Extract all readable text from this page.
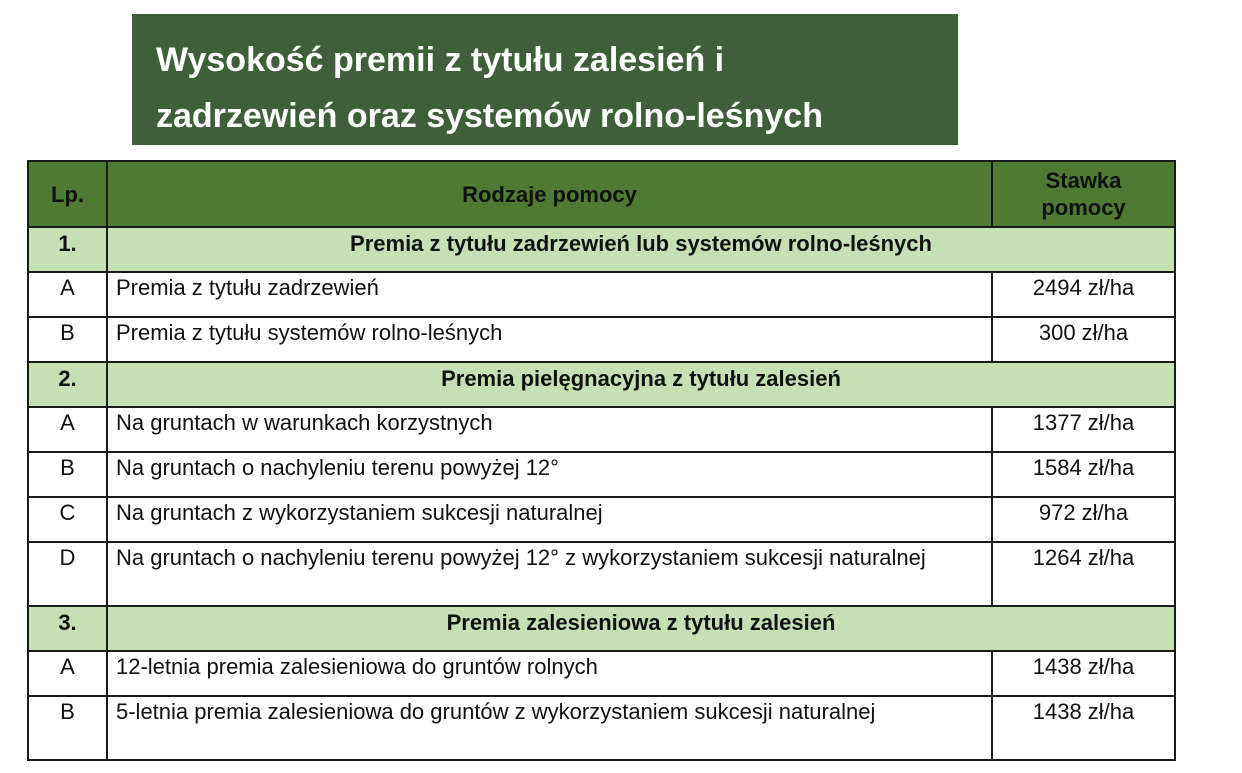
Wysokość premii z tytułu zalesień i
zadrzewień oraz systemów rolno-leśnych
Lp.	Rodzaje pomocy	Stawka pomocy
1.	Premia z tytułu zadrzewień lub systemów rolno-leśnych	
A	Premia z tytułu zadrzewień	2494 zł/ha
B	Premia z tytułu systemów rolno-leśnych	300 zł/ha
2.	Premia pielęgnacyjna z tytułu zalesień	
A	Na gruntach w warunkach korzystnych	1377 zł/ha
B	Na gruntach o nachyleniu terenu powyżej 12°	1584 zł/ha
C	Na gruntach z wykorzystaniem sukcesji naturalnej	972 zł/ha
D	Na gruntach o nachyleniu terenu powyżej 12° z wykorzystaniem sukcesji naturalnej	1264 zł/ha
3.	Premia zalesieniowa z tytułu zalesień	
A	12-letnia premia zalesieniowa do gruntów rolnych	1438 zł/ha
B	5-letnia premia zalesieniowa do gruntów z wykorzystaniem sukcesji naturalnej	1438 zł/ha
